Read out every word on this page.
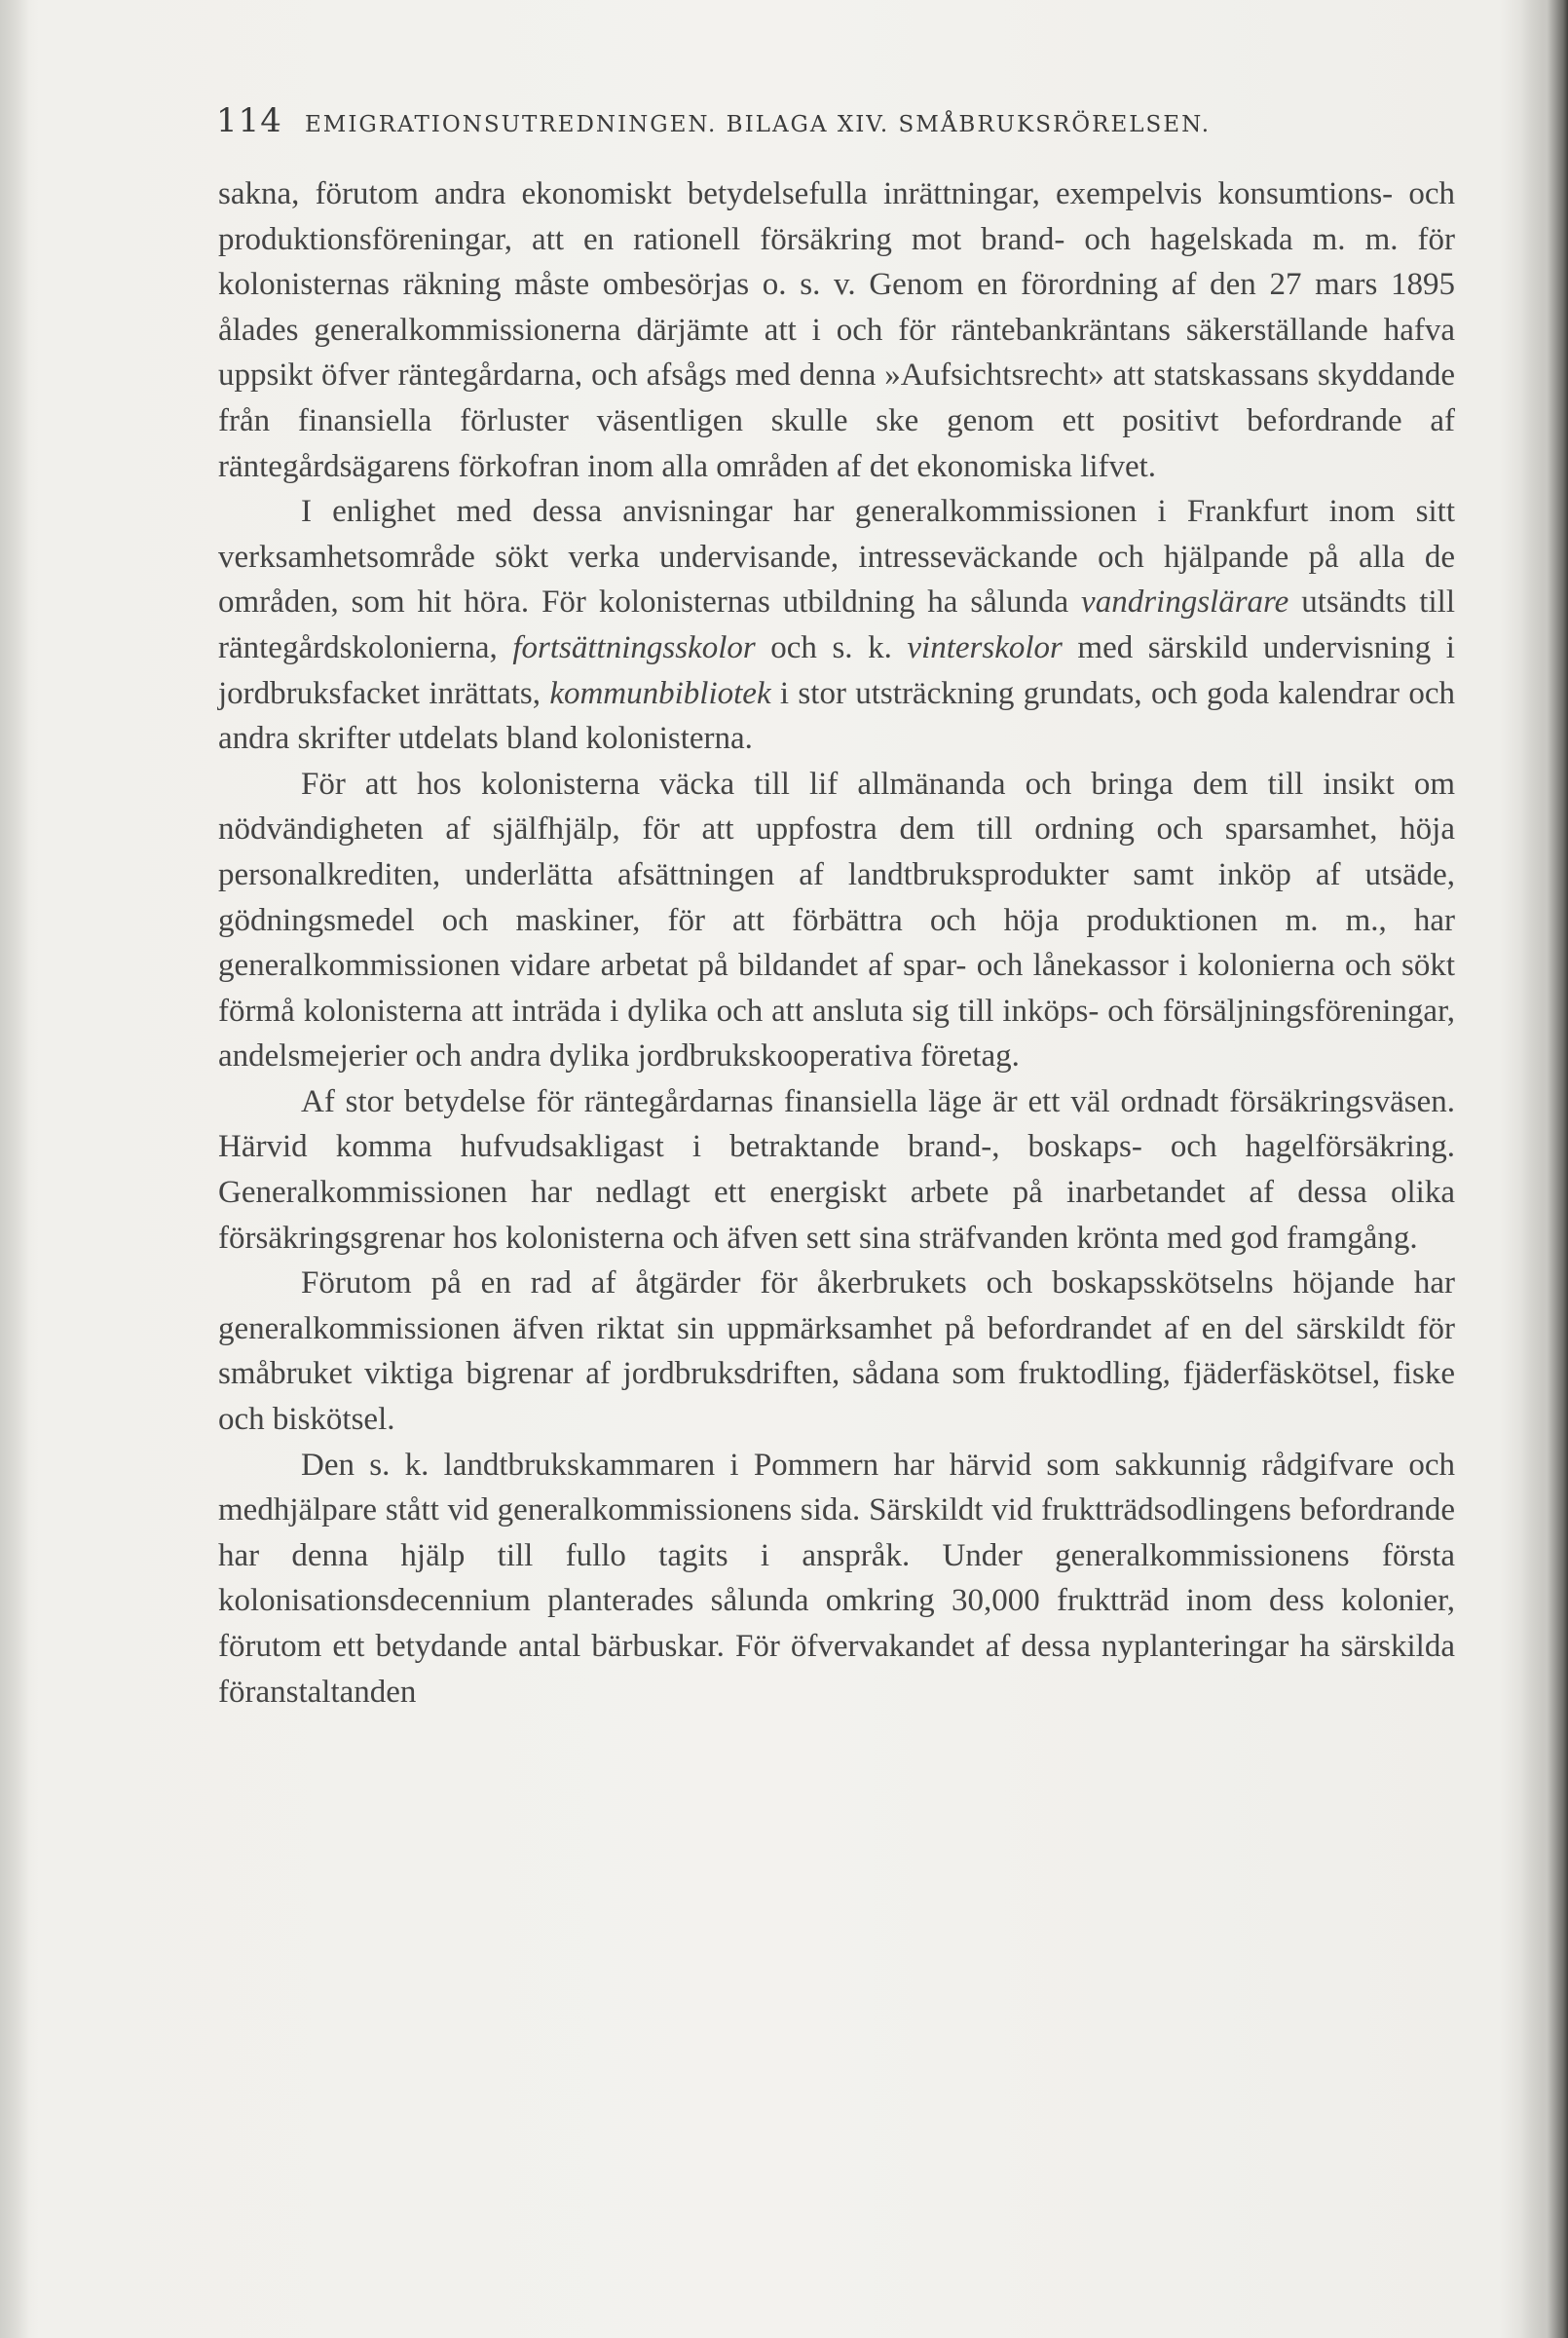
114 EMIGRATIONSUTREDNINGEN. BILAGA XIV. SMÅBRUKSRÖRELSEN.

sakna, förutom andra ekonomiskt betydelsefulla inrättningar, exempelvis konsumtions- och produktionsföreningar, att en rationell försäkring mot brand- och hagelskada m. m. för kolonisternas räkning måste ombesörjas o. s. v. Genom en förordning af den 27 mars 1895 ålades generalkommissionerna därjämte att i och för räntebankräntans säkerställande hafva uppsikt öfver räntegårdarna, och afsågs med denna »Aufsichtsrecht» att statskassans skyddande från finansiella förluster väsentligen skulle ske genom ett positivt befordrande af räntegårdsägarens förkofran inom alla områden af det ekonomiska lifvet.

I enlighet med dessa anvisningar har generalkommissionen i Frankfurt inom sitt verksamhetsområde sökt verka undervisande, intresseväckande och hjälpande på alla de områden, som hit höra. För kolonisternas utbildning ha sålunda vandringslärare utsändts till räntegårdskolonierna, fortsättningsskolor och s. k. vinterskolor med särskild undervisning i jordbruksfacket inrättats, kommunbibliotek i stor utsträckning grundats, och goda kalendrar och andra skrifter utdelats bland kolonisterna.

För att hos kolonisterna väcka till lif allmänanda och bringa dem till insikt om nödvändigheten af själfhjälp, för att uppfostra dem till ordning och sparsamhet, höja personalkrediten, underlätta afsättningen af landtbruksprodukter samt inköp af utsäde, gödningsmedel och maskiner, för att förbättra och höja produktionen m. m., har generalkommissionen vidare arbetat på bildandet af spar- och lånekassor i kolonierna och sökt förmå kolonisterna att inträda i dylika och att ansluta sig till inköps- och försäljningsföreningar, andelsmejerier och andra dylika jordbrukskooperativa företag.

Af stor betydelse för räntegårdarnas finansiella läge är ett väl ordnadt försäkringsväsen. Härvid komma hufvudsakligast i betraktande brand-, boskaps- och hagelförsäkring. Generalkommissionen har nedlagt ett energiskt arbete på inarbetandet af dessa olika försäkringsgrenar hos kolonisterna och äfven sett sina sträfvanden krönta med god framgång.

Förutom på en rad af åtgärder för åkerbrukets och boskapsskötselns höjande har generalkommissionen äfven riktat sin uppmärksamhet på befordrandet af en del särskildt för småbruket viktiga bigrenar af jordbruksdriften, sådana som fruktodling, fjäderfäskötsel, fiske och biskötsel.

Den s. k. landtbrukskammaren i Pommern har härvid som sakkunnig rådgifvare och medhjälpare stått vid generalkommissionens sida. Särskildt vid fruktträdsodlingens befordrande har denna hjälp till fullo tagits i anspråk. Under generalkommissionens första kolonisationsdecennium planterades sålunda omkring 30,000 fruktträd inom dess kolonier, förutom ett betydande antal bärbuskar. För öfvervakandet af dessa nyplanteringar ha särskilda föranstaltanden
